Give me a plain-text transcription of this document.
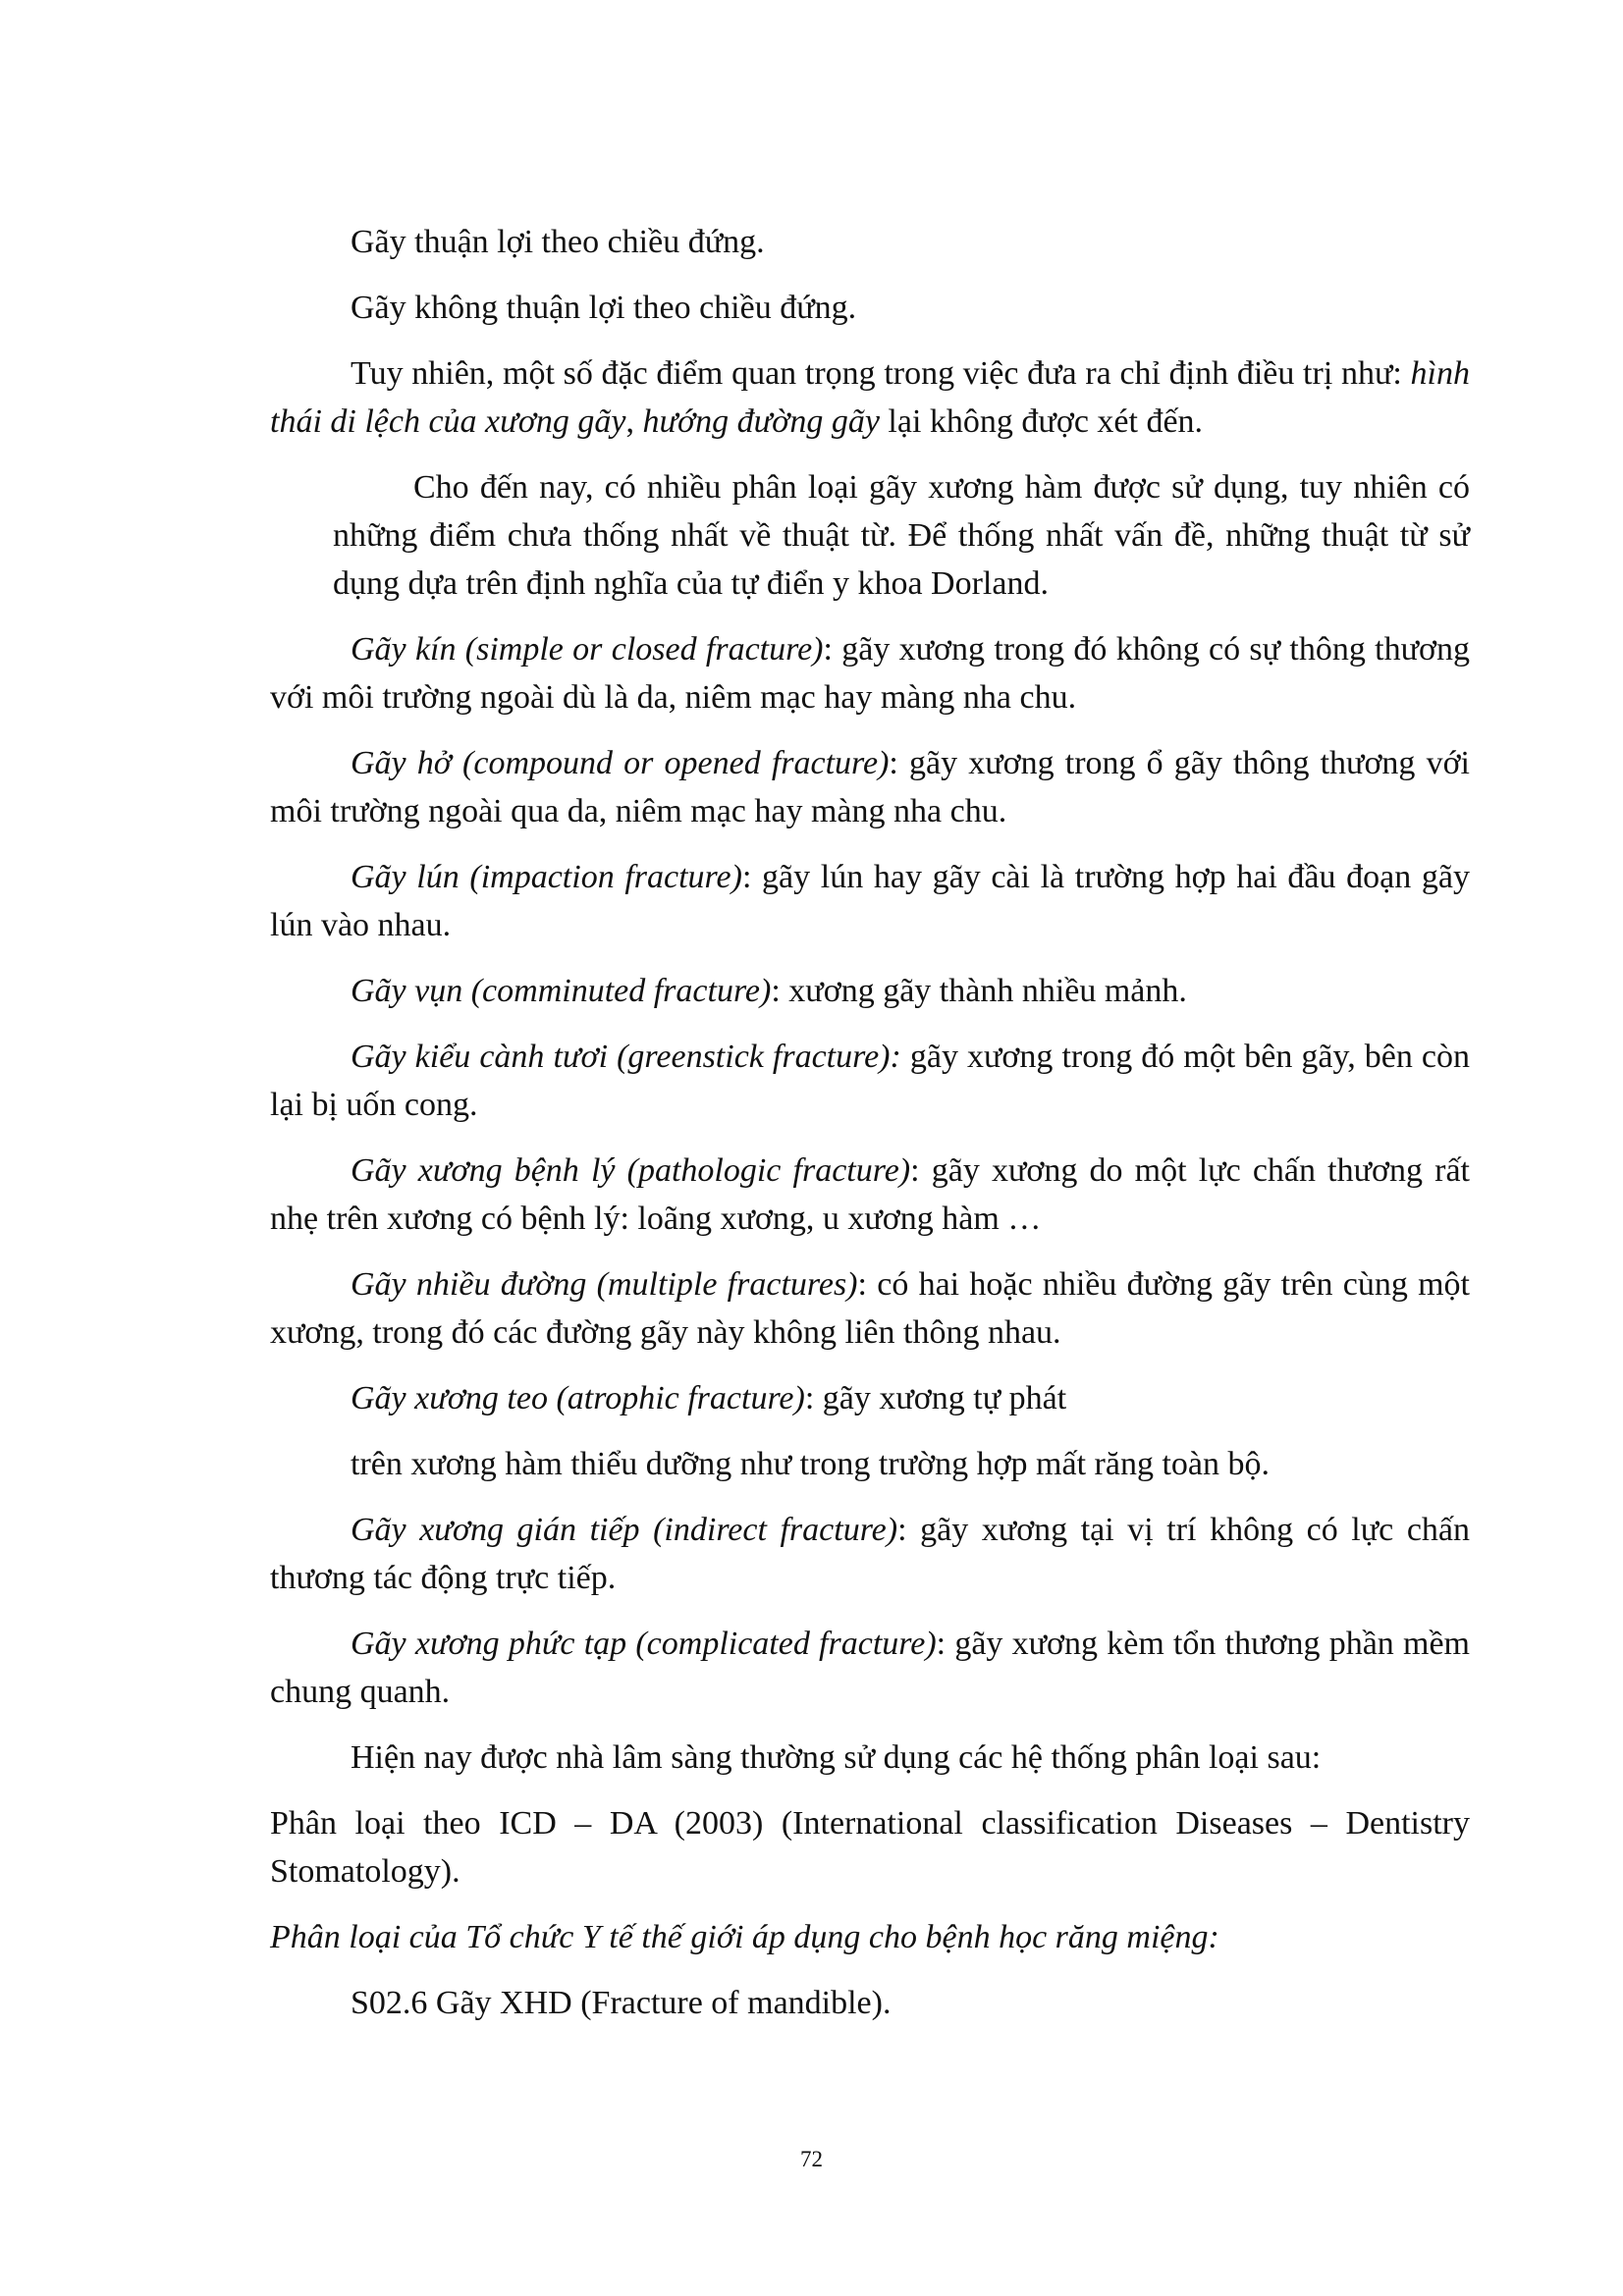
Gãy thuận lợi theo chiều đứng.

Gãy không thuận lợi theo chiều đứng.

Tuy nhiên, một số đặc điểm quan trọng trong việc đưa ra chỉ định điều trị như: hình thái di lệch của xương gãy, hướng đường gãy lại không được xét đến.

Cho đến nay, có nhiều phân loại gãy xương hàm được sử dụng, tuy nhiên có những điểm chưa thống nhất về thuật từ. Để thống nhất vấn đề, những thuật từ sử dụng dựa trên định nghĩa của tự điển y khoa Dorland.

Gãy kín (simple or closed fracture): gãy xương trong đó không có sự thông thương với môi trường ngoài dù là da, niêm mạc hay màng nha chu.

Gãy hở (compound or opened fracture): gãy xương trong ổ gãy thông thương với môi trường ngoài qua da, niêm mạc hay màng nha chu.

Gãy lún (impaction fracture): gãy lún hay gãy cài là trường hợp hai đầu đoạn gãy lún vào nhau.

Gãy vụn (comminuted fracture): xương gãy thành nhiều mảnh.

Gãy kiểu cành tươi (greenstick fracture): gãy xương trong đó một bên gãy, bên còn lại bị uốn cong.

Gãy xương bệnh lý (pathologic fracture): gãy xương do một lực chấn thương rất nhẹ trên xương có bệnh lý: loãng xương, u xương hàm …

Gãy nhiều đường (multiple fractures): có hai hoặc nhiều đường gãy trên cùng một xương, trong đó các đường gãy này không liên thông nhau.

Gãy xương teo (atrophic fracture): gãy xương tự phát

trên xương hàm thiểu dưỡng như trong trường hợp mất răng toàn bộ.

Gãy xương gián tiếp (indirect fracture): gãy xương tại vị trí không có lực chấn thương tác động trực tiếp.

Gãy xương phức tạp (complicated fracture): gãy xương kèm tổn thương phần mềm chung quanh.

Hiện nay được nhà lâm sàng thường sử dụng các hệ thống phân loại sau:

Phân loại theo ICD – DA (2003) (International classification Diseases – Dentistry Stomatology).

Phân loại của Tổ chức Y tế thế giới áp dụng cho bệnh học răng miệng:

S02.6 Gãy XHD (Fracture of mandible).

72
